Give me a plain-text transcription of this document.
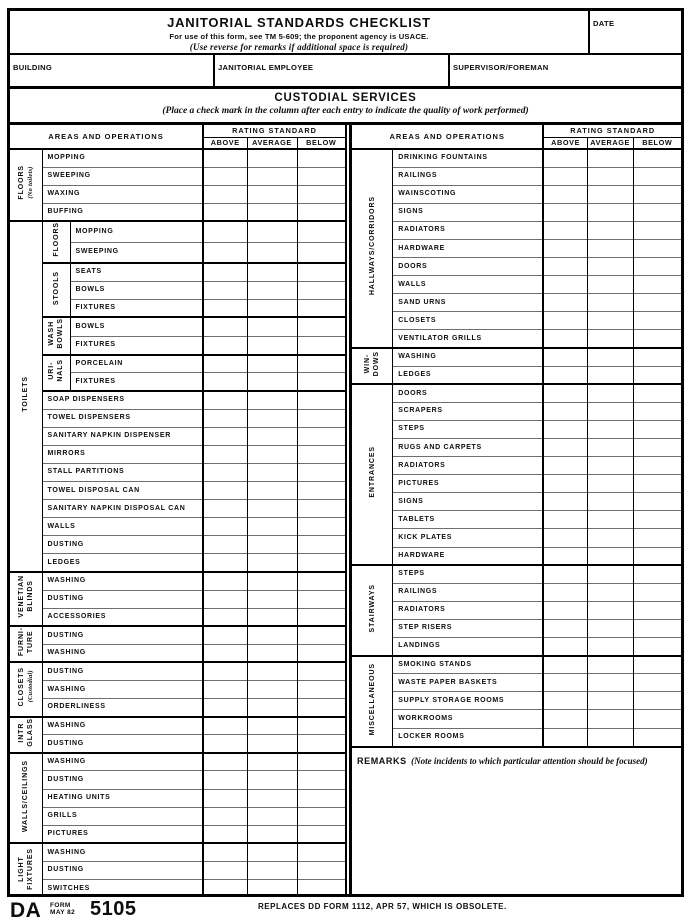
JANITORIAL STANDARDS CHECKLIST
For use of this form, see TM 5-609; the proponent agency is USACE.
(Use reverse for remarks if additional space is required)
DATE
BUILDING	JANITORIAL EMPLOYEE	SUPERVISOR/FOREMAN
CUSTODIAL SERVICES
(Place a check mark in the column after each entry to indicate the quality of work performed)
AREAS AND OPERATIONS			RATING STANDARD		
			ABOVE	AVERAGE	BELOW

FLOORS (No toilets)	MOPPING				
	SWEEPING				
	WAXING				
	BUFFING				

TOILETS	FLOORS	MOPPING			
		SWEEPING			

	STOOLS	SEATS			
		BOWLS			
		FIXTURES			

	WASH BOWLS	BOWLS			
		FIXTURES			

	URI- NALS	PORCELAIN			
		FIXTURES			
	SOAP DISPENSERS				
	TOWEL DISPENSERS				
	SANITARY NAPKIN DISPENSER				
	MIRRORS				
	STALL PARTITIONS				
	TOWEL DISPOSAL CAN				
	SANITARY NAPKIN DISPOSAL CAN				
	WALLS				
	DUSTING				
	LEDGES				

VENETIAN BLINDS	WASHING				
	DUSTING				
	ACCESSORIES				

FURNI- TURE	DUSTING				
	WASHING				

CLOSETS (Custodial)	DUSTING				
	WASHING				
	ORDERLINESS				

INTR GLASS	WASHING				
	DUSTING				

WALLS/CEILINGS	WASHING				
	DUSTING				
	HEATING UNITS				
	GRILLS				
	PICTURES				

LIGHT FIXTURES	WASHING				
	DUSTING				
	SWITCHES				
AREAS AND OPERATIONS		RATING STANDARD		
		ABOVE	AVERAGE	BELOW

HALLWAYS/CORRIDORS	DRINKING FOUNTAINS			
	RAILINGS			
	WAINSCOTING			
	SIGNS			
	RADIATORS			
	HARDWARE			
	DOORS			
	WALLS			
	SAND URNS			
	CLOSETS			
	VENTILATOR GRILLS			

WIN- DOWS	WASHING			
	LEDGES			

ENTRANCES	DOORS			
	SCRAPERS			
	STEPS			
	RUGS AND CARPETS			
	RADIATORS			
	PICTURES			
	SIGNS			
	TABLETS			
	KICK PLATES			
	HARDWARE			

STAIRWAYS	STEPS			
	RAILINGS			
	RADIATORS			
	STEP RISERS			
	LANDINGS			

MISCELLANEOUS	SMOKING STANDS			
	WASTE PAPER BASKETS			
	SUPPLY STORAGE ROOMS			
	WORKROOMS			
	LOCKER ROOMS			
REMARKS (Note incidents to which particular attention should be focused)
DA FORM
MAY 82 5105	REPLACES DD FORM 1112, APR 57, WHICH IS OBSOLETE.
